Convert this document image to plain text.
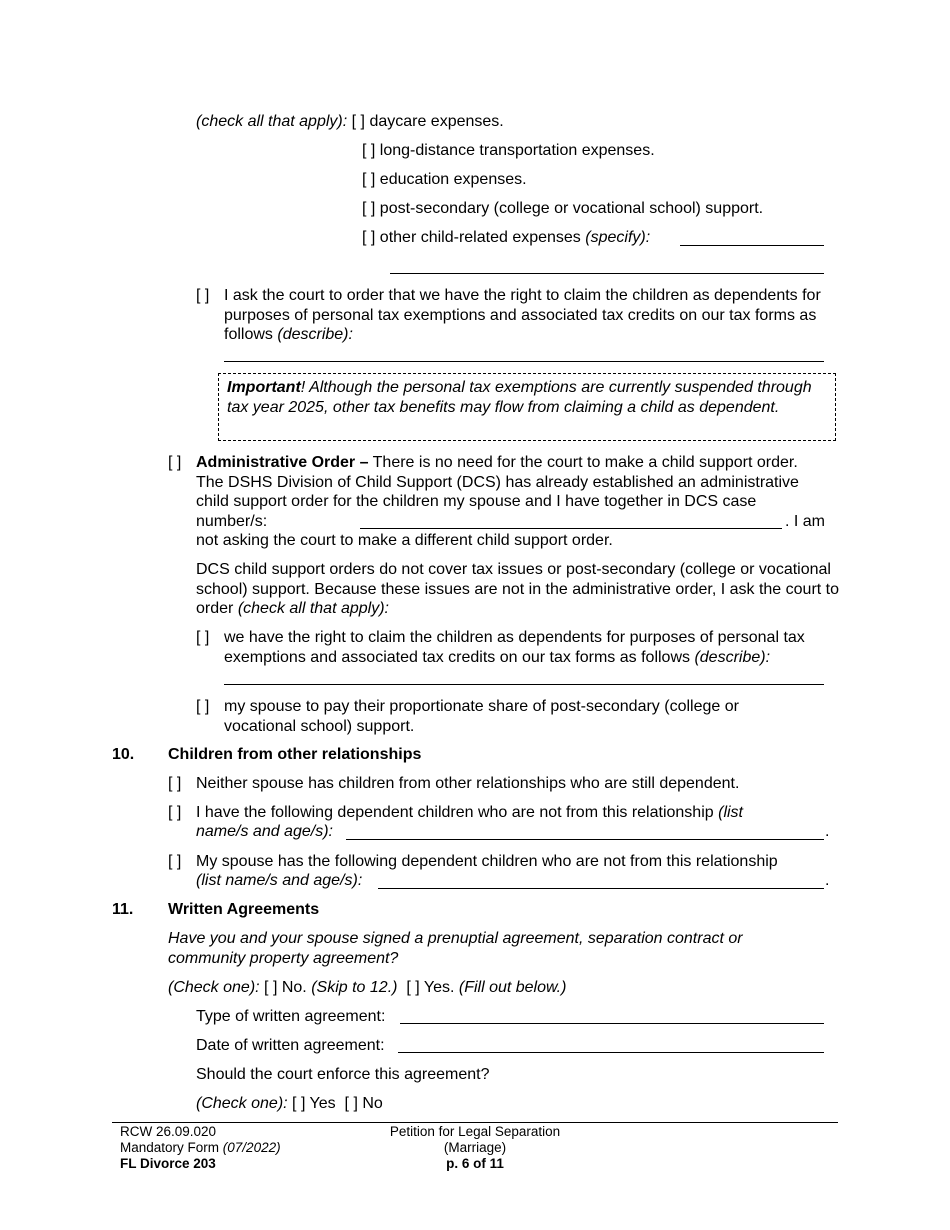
(check all that apply): [ ] daycare expenses.
[ ] long-distance transportation expenses.
[ ] education expenses.
[ ] post-secondary (college or vocational school) support.
[ ] other child-related expenses (specify):
[ ] I ask the court to order that we have the right to claim the children as dependents for purposes of personal tax exemptions and associated tax credits on our tax forms as follows (describe):
Important! Although the personal tax exemptions are currently suspended through tax year 2025, other tax benefits may flow from claiming a child as dependent.
[ ] Administrative Order – There is no need for the court to make a child support order. The DSHS Division of Child Support (DCS) has already established an administrative child support order for the children my spouse and I have together in DCS case number/s:	. I am
not asking the court to make a different child support order.
DCS child support orders do not cover tax issues or post-secondary (college or vocational school) support. Because these issues are not in the administrative order, I ask the court to order (check all that apply):
[ ] we have the right to claim the children as dependents for purposes of personal tax exemptions and associated tax credits on our tax forms as follows (describe):
[ ] my spouse to pay their proportionate share of post-secondary (college or vocational school) support.
10. Children from other relationships
[ ] Neither spouse has children from other relationships who are still dependent.
[ ] I have the following dependent children who are not from this relationship (list
name/s and age/s):	.
[ ] My spouse has the following dependent children who are not from this relationship
(list name/s and age/s):	.
11. Written Agreements
Have you and your spouse signed a prenuptial agreement, separation contract or community property agreement?
(Check one): [ ] No. (Skip to 12.) [ ] Yes. (Fill out below.)
Type of written agreement:
Date of written agreement:
Should the court enforce this agreement?
(Check one): [ ] Yes [ ] No
RCW 26.09.020
Mandatory Form (07/2022)
FL Divorce 203
Petition for Legal Separation
(Marriage)
p. 6 of 11
